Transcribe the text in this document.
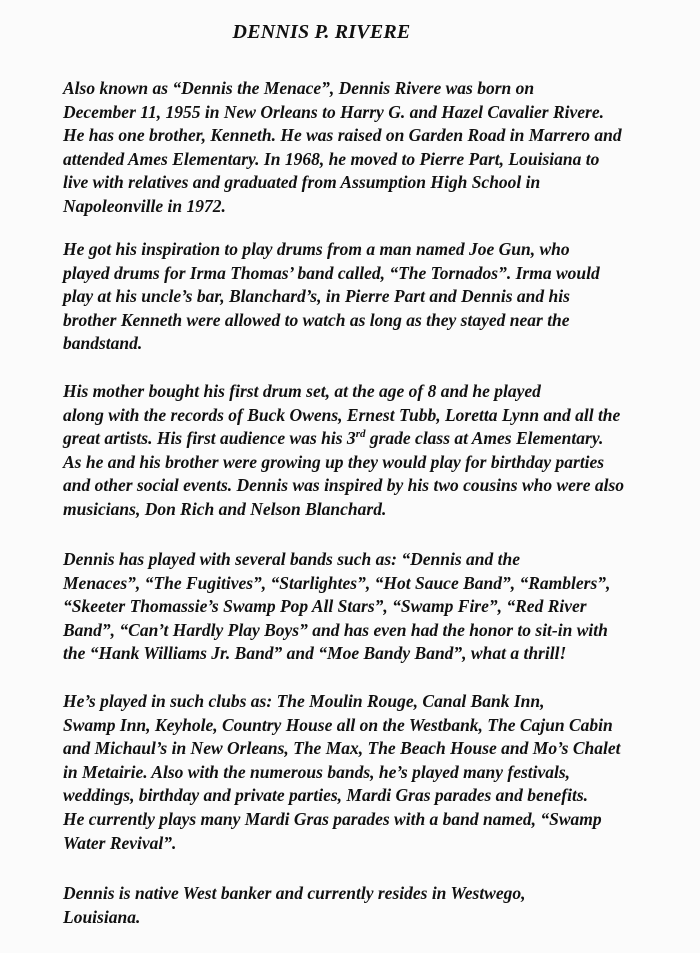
DENNIS P. RIVERE

Also known as “Dennis the Menace”, Dennis Rivere was born on
December 11, 1955 in New Orleans to Harry G. and Hazel Cavalier Rivere.
He has one brother, Kenneth. He was raised on Garden Road in Marrero and
attended Ames Elementary. In 1968, he moved to Pierre Part, Louisiana to
live with relatives and graduated from Assumption High School in
Napoleonville in 1972.

He got his inspiration to play drums from a man named Joe Gun, who
played drums for Irma Thomas’ band called, “The Tornados”. Irma would
play at his uncle’s bar, Blanchard’s, in Pierre Part and Dennis and his
brother Kenneth were allowed to watch as long as they stayed near the
bandstand.

His mother bought his first drum set, at the age of 8 and he played
along with the records of Buck Owens, Ernest Tubb, Loretta Lynn and all the
great artists. His first audience was his 3rd grade class at Ames Elementary.
As he and his brother were growing up they would play for birthday parties
and other social events. Dennis was inspired by his two cousins who were also
musicians, Don Rich and Nelson Blanchard.

Dennis has played with several bands such as: “Dennis and the
Menaces”, “The Fugitives”, “Starlightes”, “Hot Sauce Band”, “Ramblers”,
“Skeeter Thomassie’s Swamp Pop All Stars”, “Swamp Fire”, “Red River
Band”, “Can’t Hardly Play Boys” and has even had the honor to sit-in with
the “Hank Williams Jr. Band” and “Moe Bandy Band”, what a thrill!

He’s played in such clubs as: The Moulin Rouge, Canal Bank Inn,
Swamp Inn, Keyhole, Country House all on the Westbank, The Cajun Cabin
and Michaul’s in New Orleans, The Max, The Beach House and Mo’s Chalet
in Metairie. Also with the numerous bands, he’s played many festivals,
weddings, birthday and private parties, Mardi Gras parades and benefits.
He currently plays many Mardi Gras parades with a band named, “Swamp
Water Revival”.

Dennis is native West banker and currently resides in Westwego,
Louisiana.
